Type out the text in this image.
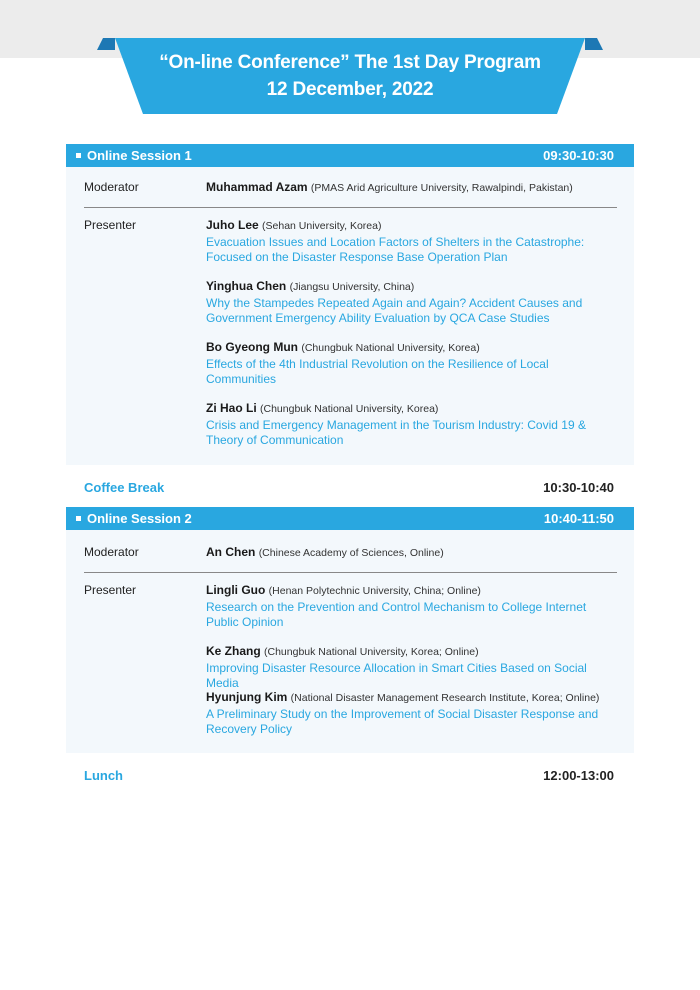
“On-line Conference” The 1st Day Program
12 December, 2022
Online Session 1	09:30-10:30
Moderator	Muhammad Azam (PMAS Arid Agriculture University, Rawalpindi, Pakistan)
Presenter	Juho Lee (Sehan University, Korea)
Evacuation Issues and Location Factors of Shelters in the Catastrophe: Focused on the Disaster Response Base Operation Plan
Yinghua Chen (Jiangsu University, China)
Why the Stampedes Repeated Again and Again? Accident Causes and Government Emergency Ability Evaluation by QCA Case Studies
Bo Gyeong Mun (Chungbuk National University, Korea)
Effects of the 4th Industrial Revolution on the Resilience of Local Communities
Zi Hao Li (Chungbuk National University, Korea)
Crisis and Emergency Management in the Tourism Industry: Covid 19 & Theory of Communication
Coffee Break	10:30-10:40
Online Session 2	10:40-11:50
Moderator	An Chen (Chinese Academy of Sciences, Online)
Presenter	Lingli Guo (Henan Polytechnic University, China; Online)
Research on the Prevention and Control Mechanism to College Internet Public Opinion
Ke Zhang (Chungbuk National University, Korea; Online)
Improving Disaster Resource Allocation in Smart Cities Based on Social Media
Hyunjung Kim (National Disaster Management Research Institute, Korea; Online)
A Preliminary Study on the Improvement of Social Disaster Response and Recovery Policy
Lunch	12:00-13:00
